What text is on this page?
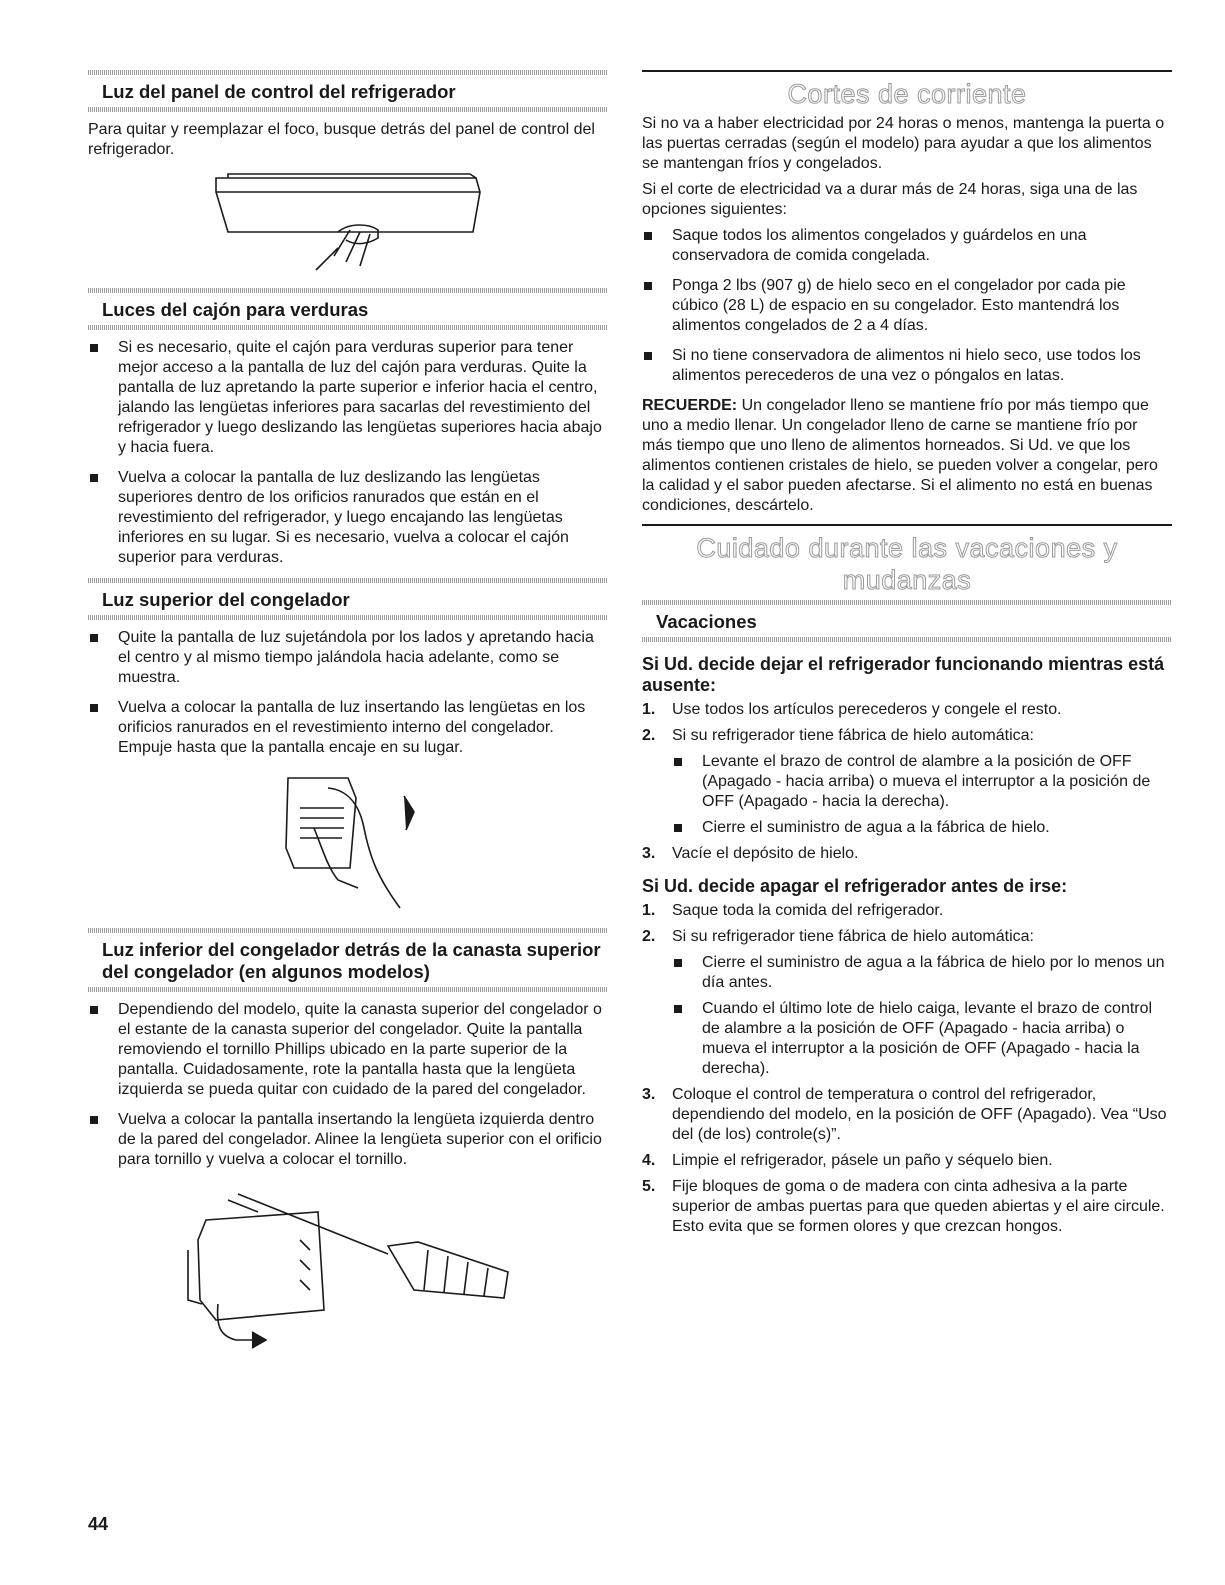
Luz del panel de control del refrigerador

Para quitar y reemplazar el foco, busque detrás del panel de control del refrigerador.

Luces del cajón para verduras
Si es necesario, quite el cajón para verduras superior para tener mejor acceso a la pantalla de luz del cajón para verduras. Quite la pantalla de luz apretando la parte superior e inferior hacia el centro, jalando las lengüetas inferiores para sacarlas del revestimiento del refrigerador y luego deslizando las lengüetas superiores hacia abajo y hacia fuera.
Vuelva a colocar la pantalla de luz deslizando las lengüetas superiores dentro de los orificios ranurados que están en el revestimiento del refrigerador, y luego encajando las lengüetas inferiores en su lugar. Si es necesario, vuelva a colocar el cajón superior para verduras.
Luz superior del congelador
Quite la pantalla de luz sujetándola por los lados y apretando hacia el centro y al mismo tiempo jalándola hacia adelante, como se muestra.
Vuelva a colocar la pantalla de luz insertando las lengüetas en los orificios ranurados en el revestimiento interno del congelador. Empuje hasta que la pantalla encaje en su lugar.
Luz inferior del congelador detrás de la canasta superior del congelador (en algunos modelos)
Dependiendo del modelo, quite la canasta superior del congelador o el estante de la canasta superior del congelador. Quite la pantalla removiendo el tornillo Phillips ubicado en la parte superior de la pantalla. Cuidadosamente, rote la pantalla hasta que la lengüeta izquierda se pueda quitar con cuidado de la pared del congelador.
Vuelva a colocar la pantalla insertando la lengüeta izquierda dentro de la pared del congelador. Alinee la lengüeta superior con el orificio para tornillo y vuelva a colocar el tornillo.
Cortes de corriente

Si no va a haber electricidad por 24 horas o menos, mantenga la puerta o las puertas cerradas (según el modelo) para ayudar a que los alimentos se mantengan fríos y congelados.

Si el corte de electricidad va a durar más de 24 horas, siga una de las opciones siguientes:

Saque todos los alimentos congelados y guárdelos en una conservadora de comida congelada.
Ponga 2 lbs (907 g) de hielo seco en el congelador por cada pie cúbico (28 L) de espacio en su congelador. Esto mantendrá los alimentos congelados de 2 a 4 días.
Si no tiene conservadora de alimentos ni hielo seco, use todos los alimentos perecederos de una vez o póngalos en latas.

RECUERDE: Un congelador lleno se mantiene frío por más tiempo que uno a medio llenar. Un congelador lleno de carne se mantiene frío por más tiempo que uno lleno de alimentos horneados. Si Ud. ve que los alimentos contienen cristales de hielo, se pueden volver a congelar, pero la calidad y el sabor pueden afectarse. Si el alimento no está en buenas condiciones, descártelo.

Cuidado durante las vacaciones y
mudanzas
Vacaciones
Si Ud. decide dejar el refrigerador funcionando mientras está ausente:
1. Use todos los artículos perecederos y congele el resto.
2. Si su refrigerador tiene fábrica de hielo automática:
Levante el brazo de control de alambre a la posición de OFF (Apagado - hacia arriba) o mueva el interruptor a la posición de OFF (Apagado - hacia la derecha).
Cierre el suministro de agua a la fábrica de hielo.
3. Vacíe el depósito de hielo.
Si Ud. decide apagar el refrigerador antes de irse:
1. Saque toda la comida del refrigerador.
2. Si su refrigerador tiene fábrica de hielo automática:
Cierre el suministro de agua a la fábrica de hielo por lo menos un día antes.
Cuando el último lote de hielo caiga, levante el brazo de control de alambre a la posición de OFF (Apagado - hacia arriba) o mueva el interruptor a la posición de OFF (Apagado - hacia la derecha).
3. Coloque el control de temperatura o control del refrigerador, dependiendo del modelo, en la posición de OFF (Apagado). Vea “Uso del (de los) controle(s)”.
4. Limpie el refrigerador, pásele un paño y séquelo bien.
5. Fije bloques de goma o de madera con cinta adhesiva a la parte superior de ambas puertas para que queden abiertas y el aire circule. Esto evita que se formen olores y que crezcan hongos.
44
